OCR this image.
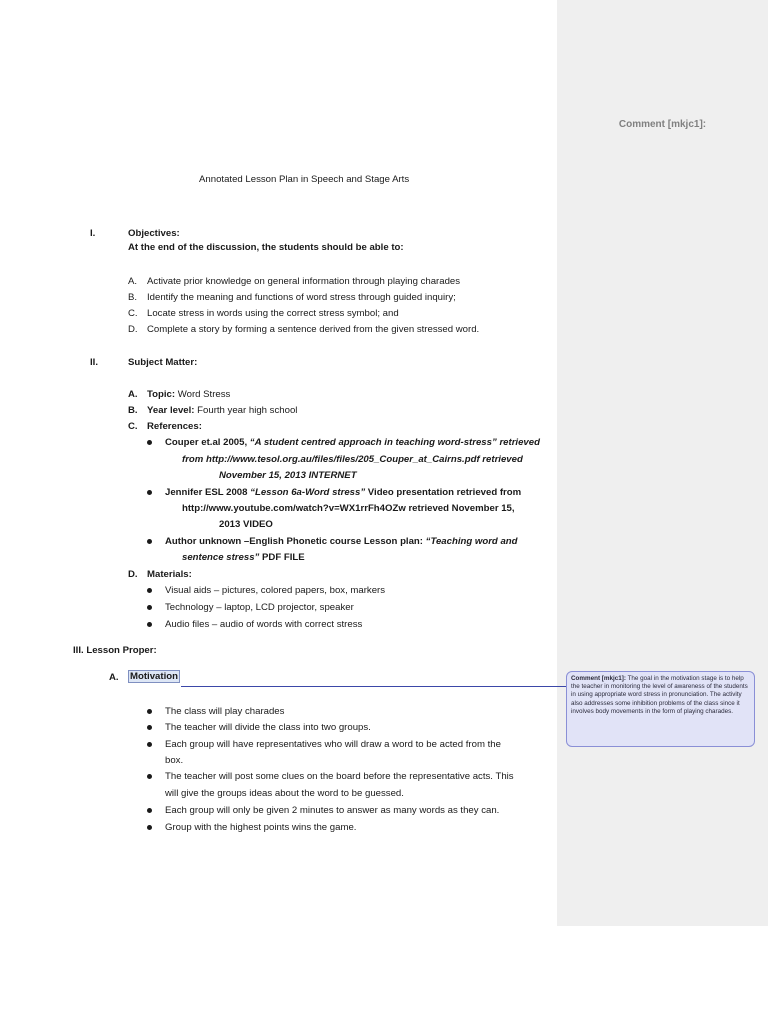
Comment [mkjc1]:
Annotated Lesson Plan in Speech and Stage Arts
I.	Objectives:
At the end of the discussion, the students should be able to:
A. Activate prior knowledge on general information through playing charades
B. Identify the meaning and functions of word stress through guided inquiry;
C. Locate stress in words using the correct stress symbol; and
D. Complete a story by forming a sentence derived from the given stressed word.
II.	Subject Matter:
A. Topic: Word Stress
B. Year level: Fourth year high school
C. References:
Couper et.al 2005, “A student centred approach in teaching word-stress” retrieved
from http://www.tesol.org.au/files/files/205_Couper_at_Cairns.pdf retrieved
November 15, 2013 INTERNET
Jennifer ESL 2008 “Lesson 6a-Word stress” Video presentation retrieved from
http://www.youtube.com/watch?v=WX1rrFh4OZw retrieved November 15,
2013 VIDEO
Author unknown –English Phonetic course Lesson plan: “Teaching word and
sentence stress” PDF FILE
D. Materials:
Visual aids – pictures, colored papers, box, markers
Technology – laptop, LCD projector, speaker
Audio files – audio of words with correct stress
III. Lesson Proper:
A. Motivation
The class will play charades
The teacher will divide the class into two groups.
Each group will have representatives who will draw a word to be acted from the
box.
The teacher will post some clues on the board before the representative acts. This
will give the groups ideas about the word to be guessed.
Each group will only be given 2 minutes to answer as many words as they can.
Group with the highest points wins the game.
Comment [mkjc1]: The goal in the motivation stage is to help the teacher in monitoring the level of awareness of the students in using appropriate word stress in pronunciation. The activity also addresses some inhibition problems of the class since it involves body movements in the form of playing charades.
